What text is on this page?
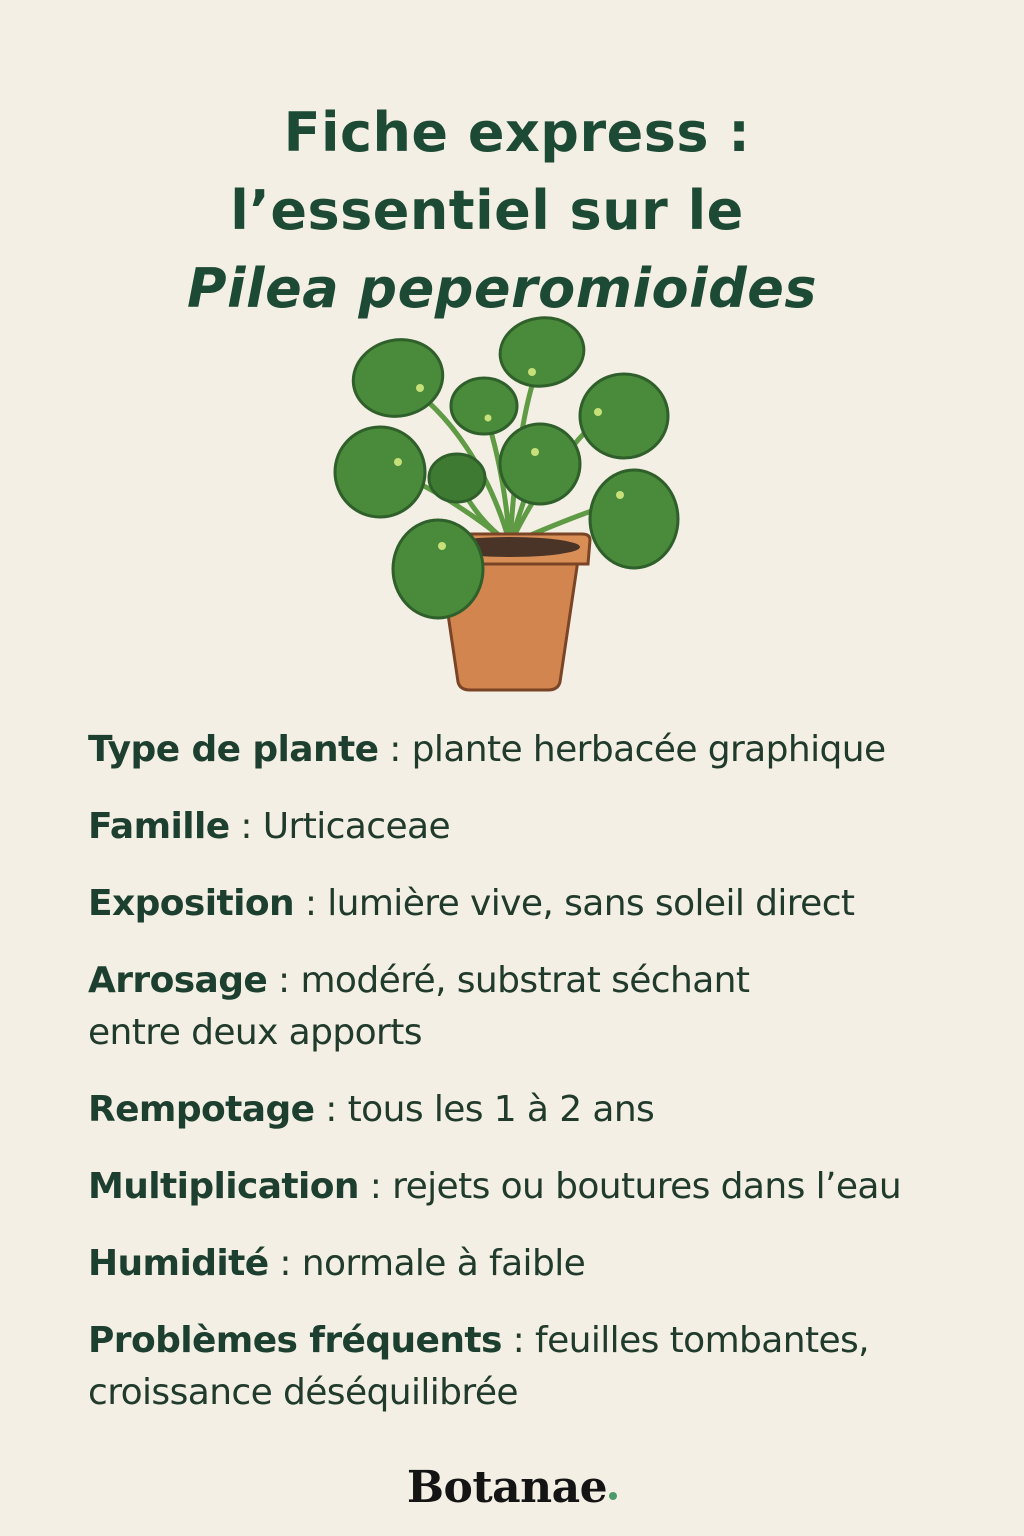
Fiche express :
l’essentiel sur le
Pilea peperomioides
Type de plante : plante herbacée graphique
Famille : Urticaceae
Exposition : lumière vive, sans soleil direct
Arrosage : modéré, substrat séchant
entre deux apports
Rempotage : tous les 1 à 2 ans
Multiplication : rejets ou boutures dans l’eau
Humidité : normale à faible
Problèmes fréquents : feuilles tombantes,
croissance déséquilibrée
Botanae
